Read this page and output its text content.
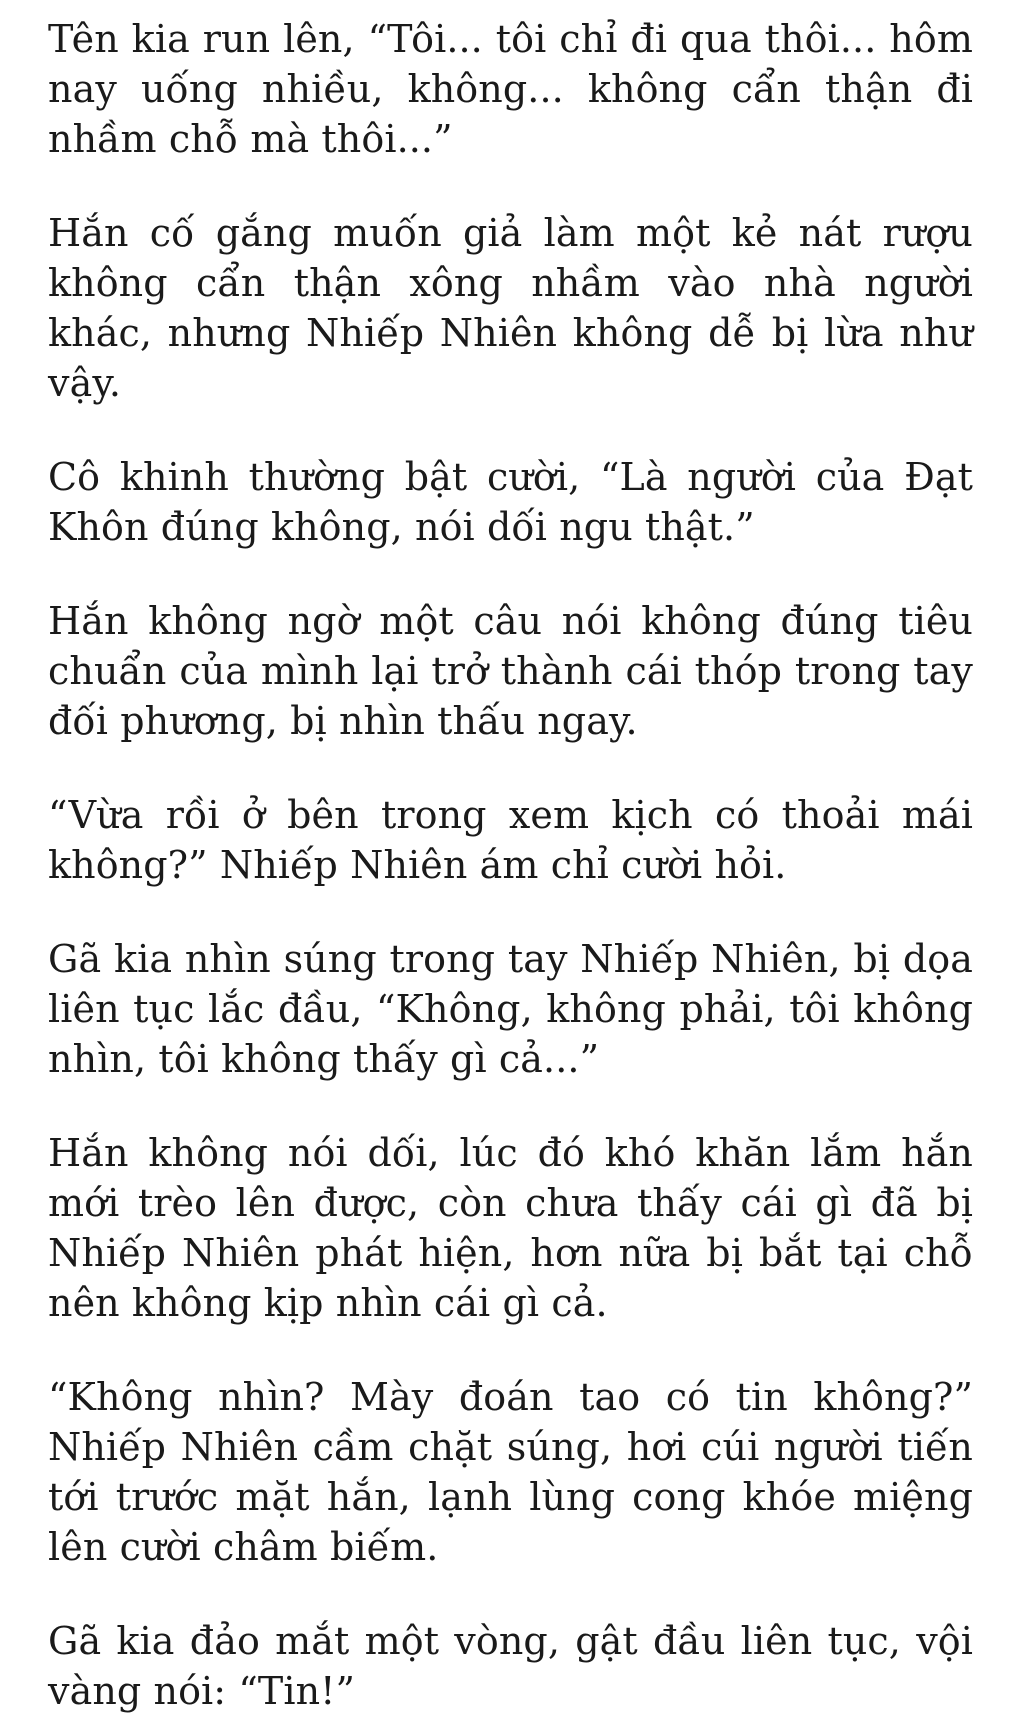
Tên kia run lên, “Tôi... tôi chỉ đi qua thôi... hôm nay uống nhiều, không... không cẩn thận đi nhầm chỗ mà thôi...”

Hắn cố gắng muốn giả làm một kẻ nát rượu không cẩn thận xông nhầm vào nhà người khác, nhưng Nhiếp Nhiên không dễ bị lừa như vậy.

Cô khinh thường bật cười, “Là người của Đạt Khôn đúng không, nói dối ngu thật.”

Hắn không ngờ một câu nói không đúng tiêu chuẩn của mình lại trở thành cái thóp trong tay đối phương, bị nhìn thấu ngay.

“Vừa rồi ở bên trong xem kịch có thoải mái không?” Nhiếp Nhiên ám chỉ cười hỏi.

Gã kia nhìn súng trong tay Nhiếp Nhiên, bị dọa liên tục lắc đầu, “Không, không phải, tôi không nhìn, tôi không thấy gì cả...”

Hắn không nói dối, lúc đó khó khăn lắm hắn mới trèo lên được, còn chưa thấy cái gì đã bị Nhiếp Nhiên phát hiện, hơn nữa bị bắt tại chỗ nên không kịp nhìn cái gì cả.

“Không nhìn? Mày đoán tao có tin không?” Nhiếp Nhiên cầm chặt súng, hơi cúi người tiến tới trước mặt hắn, lạnh lùng cong khóe miệng lên cười châm biếm.

Gã kia đảo mắt một vòng, gật đầu liên tục, vội vàng nói: “Tin!”
